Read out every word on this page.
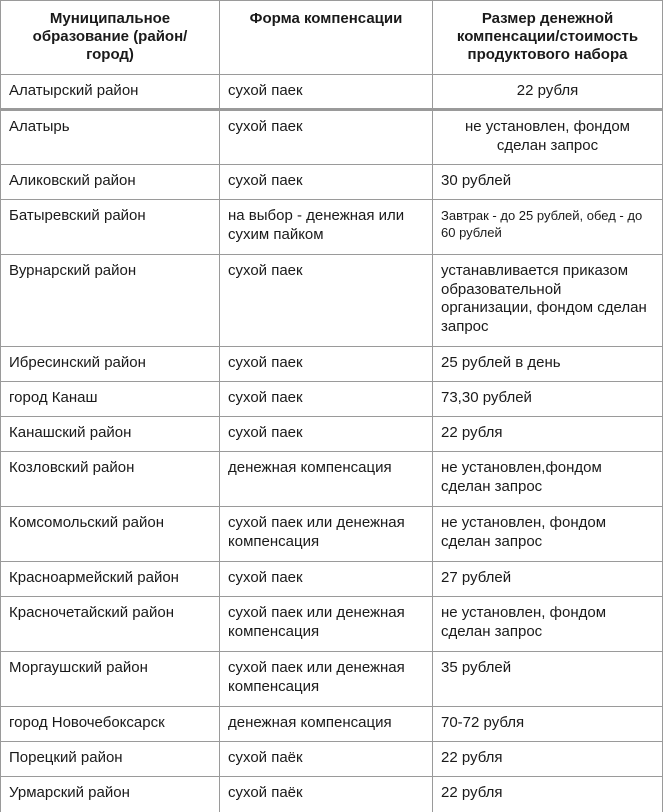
Муниципальное образование (район/город)	Форма компенсации	Размер денежной компенсации/стоимость продуктового набора
Алатырский район	сухой паек	22 рубля
Алатырь	сухой паек	не установлен, фондом сделан запрос
Аликовский район	сухой паек	30 рублей
Батыревский район	на выбор - денежная или сухим пайком	Завтрак - до 25 рублей, обед - до 60 рублей
Вурнарский район	сухой паек	устанавливается приказом образовательной организации, фондом сделан запрос
Ибресинский район	сухой паек	25 рублей в день
город Канаш	сухой паек	73,30 рублей
Канашский район	сухой паек	22 рубля
Козловский район	денежная компенсация	не установлен,фондом сделан запрос
Комсомольский район	сухой паек или денежная компенсация	не установлен, фондом сделан запрос
Красноармейский район	сухой паек	27 рублей
Красночетайский район	сухой паек или денежная компенсация	не установлен, фондом сделан запрос
Моргаушский район	сухой паек или денежная компенсация	35 рублей
город Новочебоксарск	денежная компенсация	70-72 рубля
Порецкий район	сухой паёк	22 рубля
Урмарский район	сухой паёк	22 рубля
